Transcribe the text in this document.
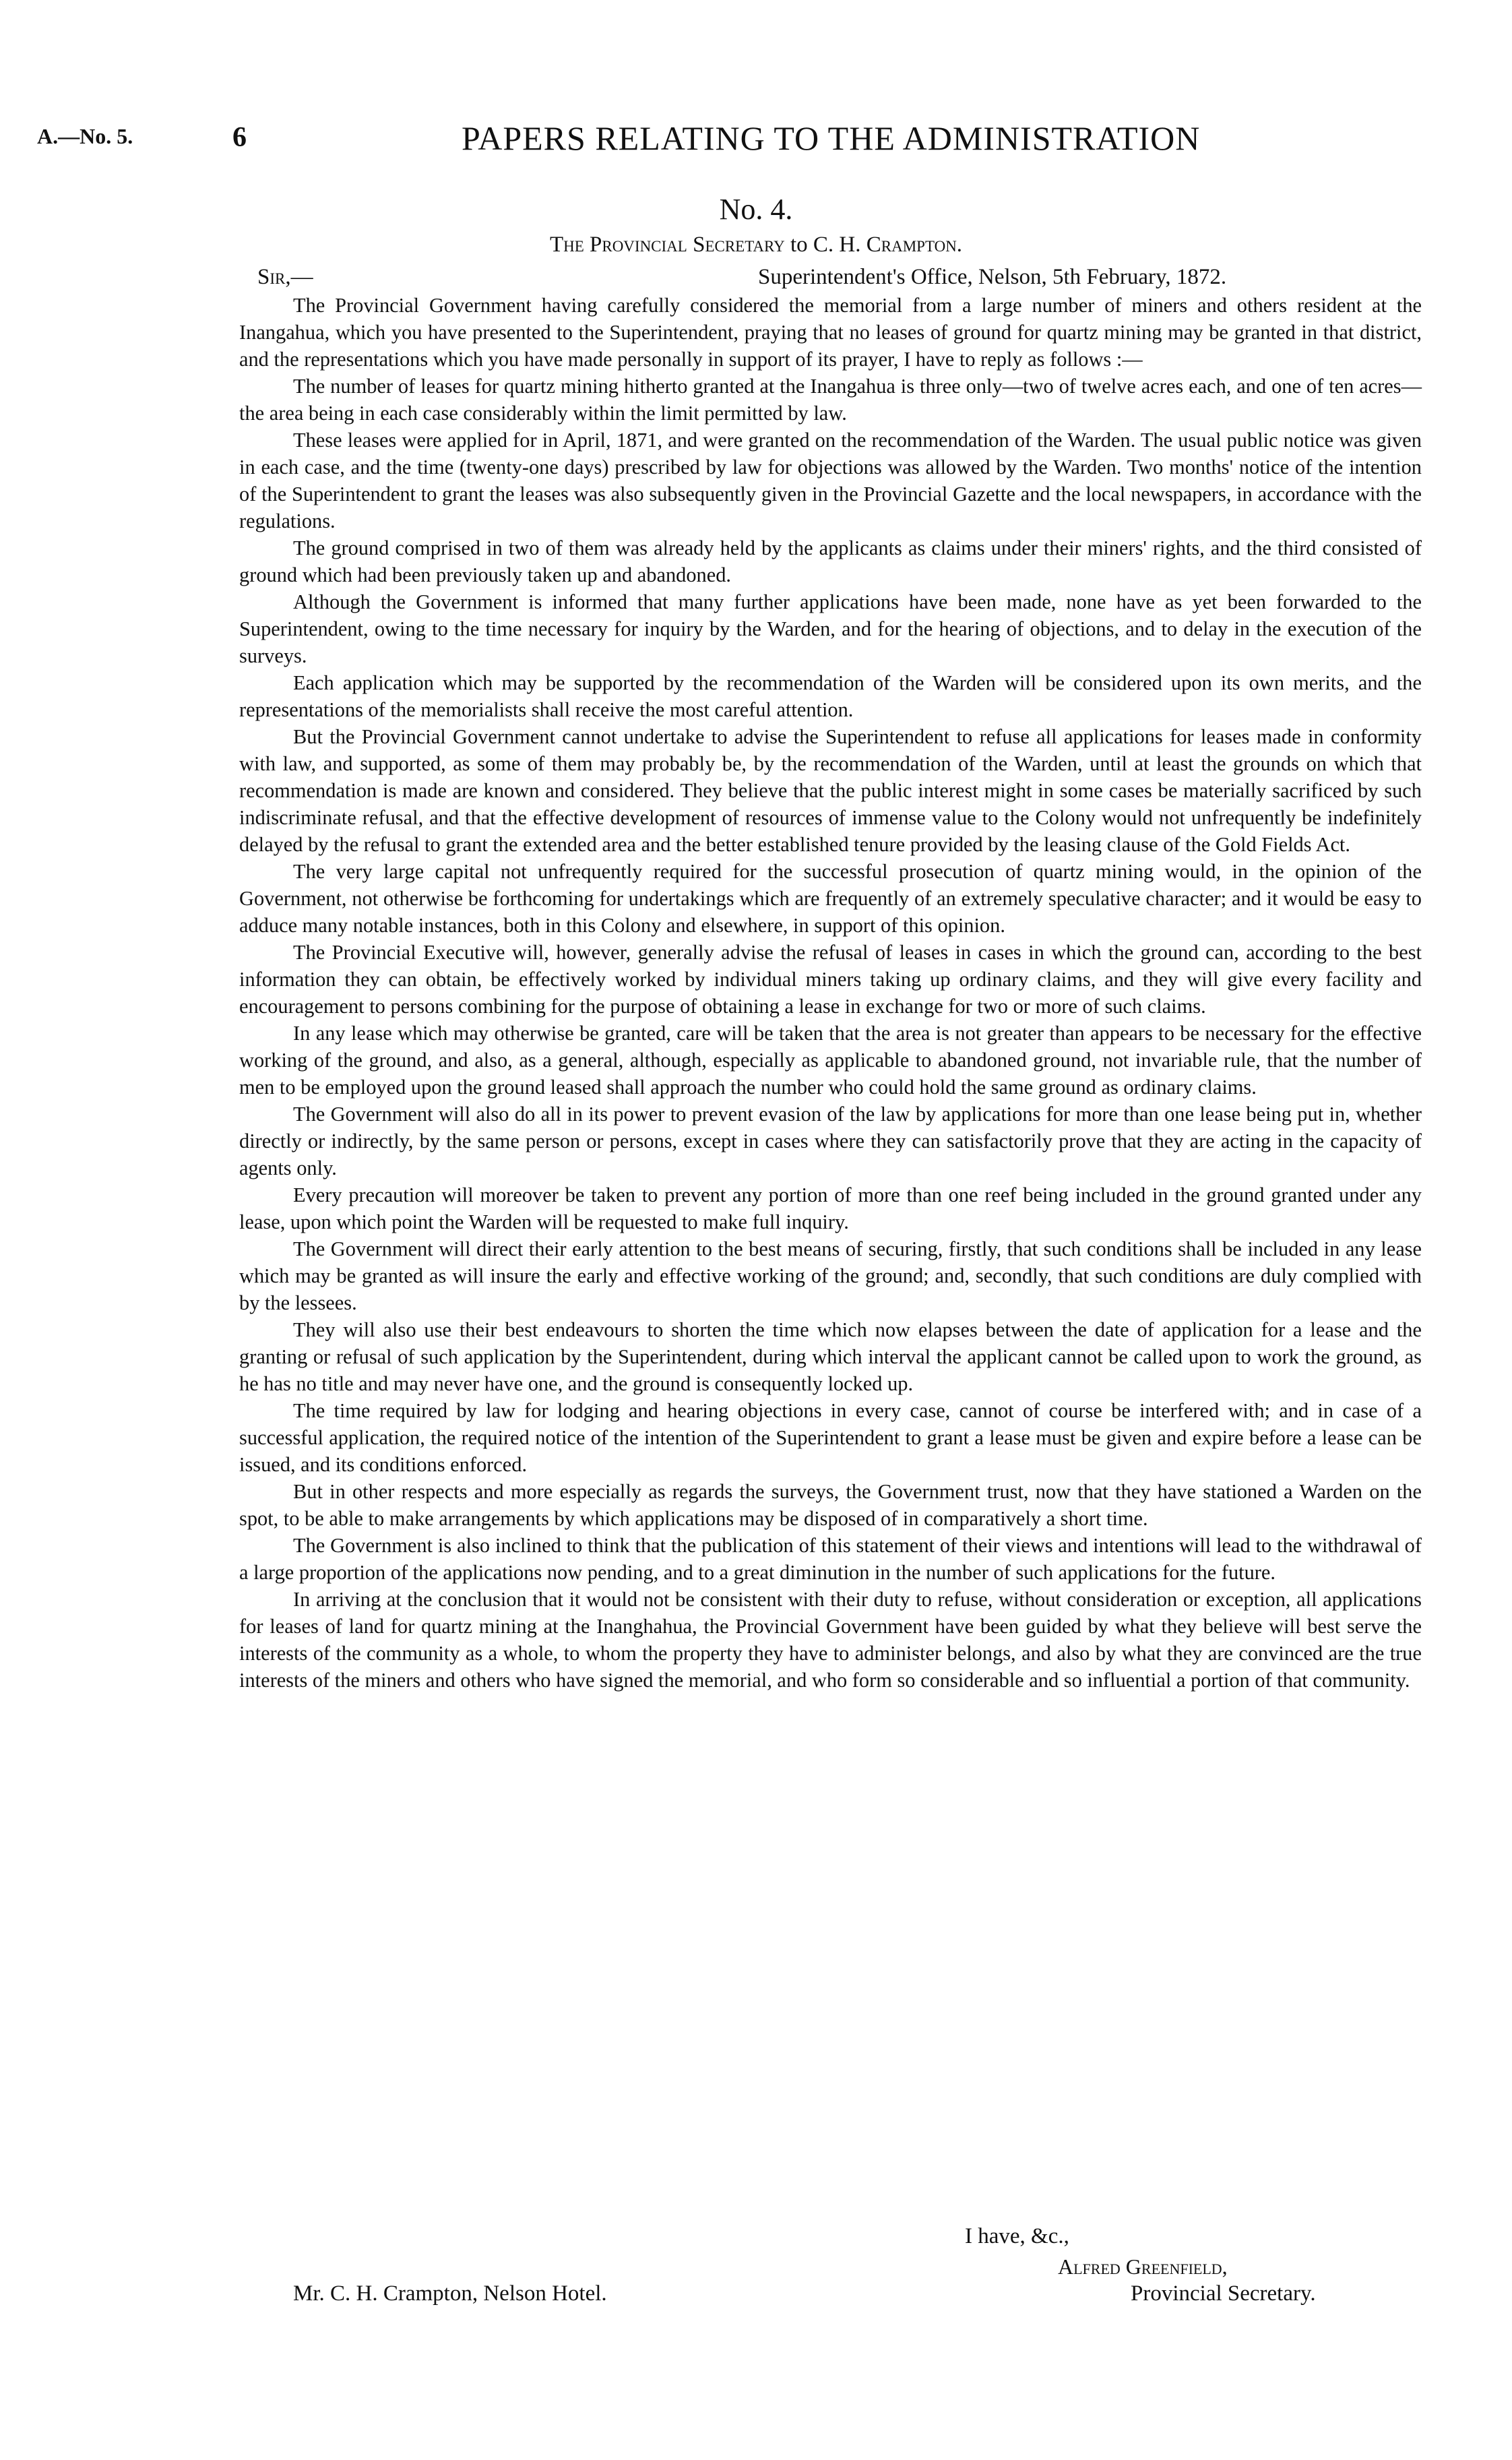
A.—No. 5.	6	PAPERS RELATING TO THE ADMINISTRATION
No. 4.
The Provincial Secretary to C. H. Crampton.
Sir,—	Superintendent's Office, Nelson, 5th February, 1872.

The Provincial Government having carefully considered the memorial from a large number of miners and others resident at the Inangahua, which you have presented to the Superintendent, praying that no leases of ground for quartz mining may be granted in that district, and the representations which you have made personally in support of its prayer, I have to reply as follows :—

The number of leases for quartz mining hitherto granted at the Inangahua is three only—two of twelve acres each, and one of ten acres—the area being in each case considerably within the limit permitted by law.

These leases were applied for in April, 1871, and were granted on the recommendation of the Warden. The usual public notice was given in each case, and the time (twenty-one days) prescribed by law for objections was allowed by the Warden. Two months' notice of the intention of the Superintendent to grant the leases was also subsequently given in the Provincial Gazette and the local newspapers, in accordance with the regulations.

The ground comprised in two of them was already held by the applicants as claims under their miners' rights, and the third consisted of ground which had been previously taken up and abandoned.

Although the Government is informed that many further applications have been made, none have as yet been forwarded to the Superintendent, owing to the time necessary for inquiry by the Warden, and for the hearing of objections, and to delay in the execution of the surveys.

Each application which may be supported by the recommendation of the Warden will be considered upon its own merits, and the representations of the memorialists shall receive the most careful attention.

But the Provincial Government cannot undertake to advise the Superintendent to refuse all applications for leases made in conformity with law, and supported, as some of them may probably be, by the recommendation of the Warden, until at least the grounds on which that recommendation is made are known and considered. They believe that the public interest might in some cases be materially sacrificed by such indiscriminate refusal, and that the effective development of resources of immense value to the Colony would not unfrequently be indefinitely delayed by the refusal to grant the extended area and the better established tenure provided by the leasing clause of the Gold Fields Act.

The very large capital not unfrequently required for the successful prosecution of quartz mining would, in the opinion of the Government, not otherwise be forthcoming for undertakings which are frequently of an extremely speculative character; and it would be easy to adduce many notable instances, both in this Colony and elsewhere, in support of this opinion.

The Provincial Executive will, however, generally advise the refusal of leases in cases in which the ground can, according to the best information they can obtain, be effectively worked by individual miners taking up ordinary claims, and they will give every facility and encouragement to persons combining for the purpose of obtaining a lease in exchange for two or more of such claims.

In any lease which may otherwise be granted, care will be taken that the area is not greater than appears to be necessary for the effective working of the ground, and also, as a general, although, especially as applicable to abandoned ground, not invariable rule, that the number of men to be employed upon the ground leased shall approach the number who could hold the same ground as ordinary claims.

The Government will also do all in its power to prevent evasion of the law by applications for more than one lease being put in, whether directly or indirectly, by the same person or persons, except in cases where they can satisfactorily prove that they are acting in the capacity of agents only.

Every precaution will moreover be taken to prevent any portion of more than one reef being included in the ground granted under any lease, upon which point the Warden will be requested to make full inquiry.

The Government will direct their early attention to the best means of securing, firstly, that such conditions shall be included in any lease which may be granted as will insure the early and effective working of the ground; and, secondly, that such conditions are duly complied with by the lessees.

They will also use their best endeavours to shorten the time which now elapses between the date of application for a lease and the granting or refusal of such application by the Superintendent, during which interval the applicant cannot be called upon to work the ground, as he has no title and may never have one, and the ground is consequently locked up.

The time required by law for lodging and hearing objections in every case, cannot of course be interfered with; and in case of a successful application, the required notice of the intention of the Superintendent to grant a lease must be given and expire before a lease can be issued, and its conditions enforced.

But in other respects and more especially as regards the surveys, the Government trust, now that they have stationed a Warden on the spot, to be able to make arrangements by which applications may be disposed of in comparatively a short time.

The Government is also inclined to think that the publication of this statement of their views and intentions will lead to the withdrawal of a large proportion of the applications now pending, and to a great diminution in the number of such applications for the future.

In arriving at the conclusion that it would not be consistent with their duty to refuse, without consideration or exception, all applications for leases of land for quartz mining at the Inanghahua, the Provincial Government have been guided by what they believe will best serve the interests of the community as a whole, to whom the property they have to administer belongs, and also by what they are convinced are the true interests of the miners and others who have signed the memorial, and who form so considerable and so influential a portion of that community.

I have, &c.,
Alfred Greenfield,
Provincial Secretary.
Mr. C. H. Crampton, Nelson Hotel.
